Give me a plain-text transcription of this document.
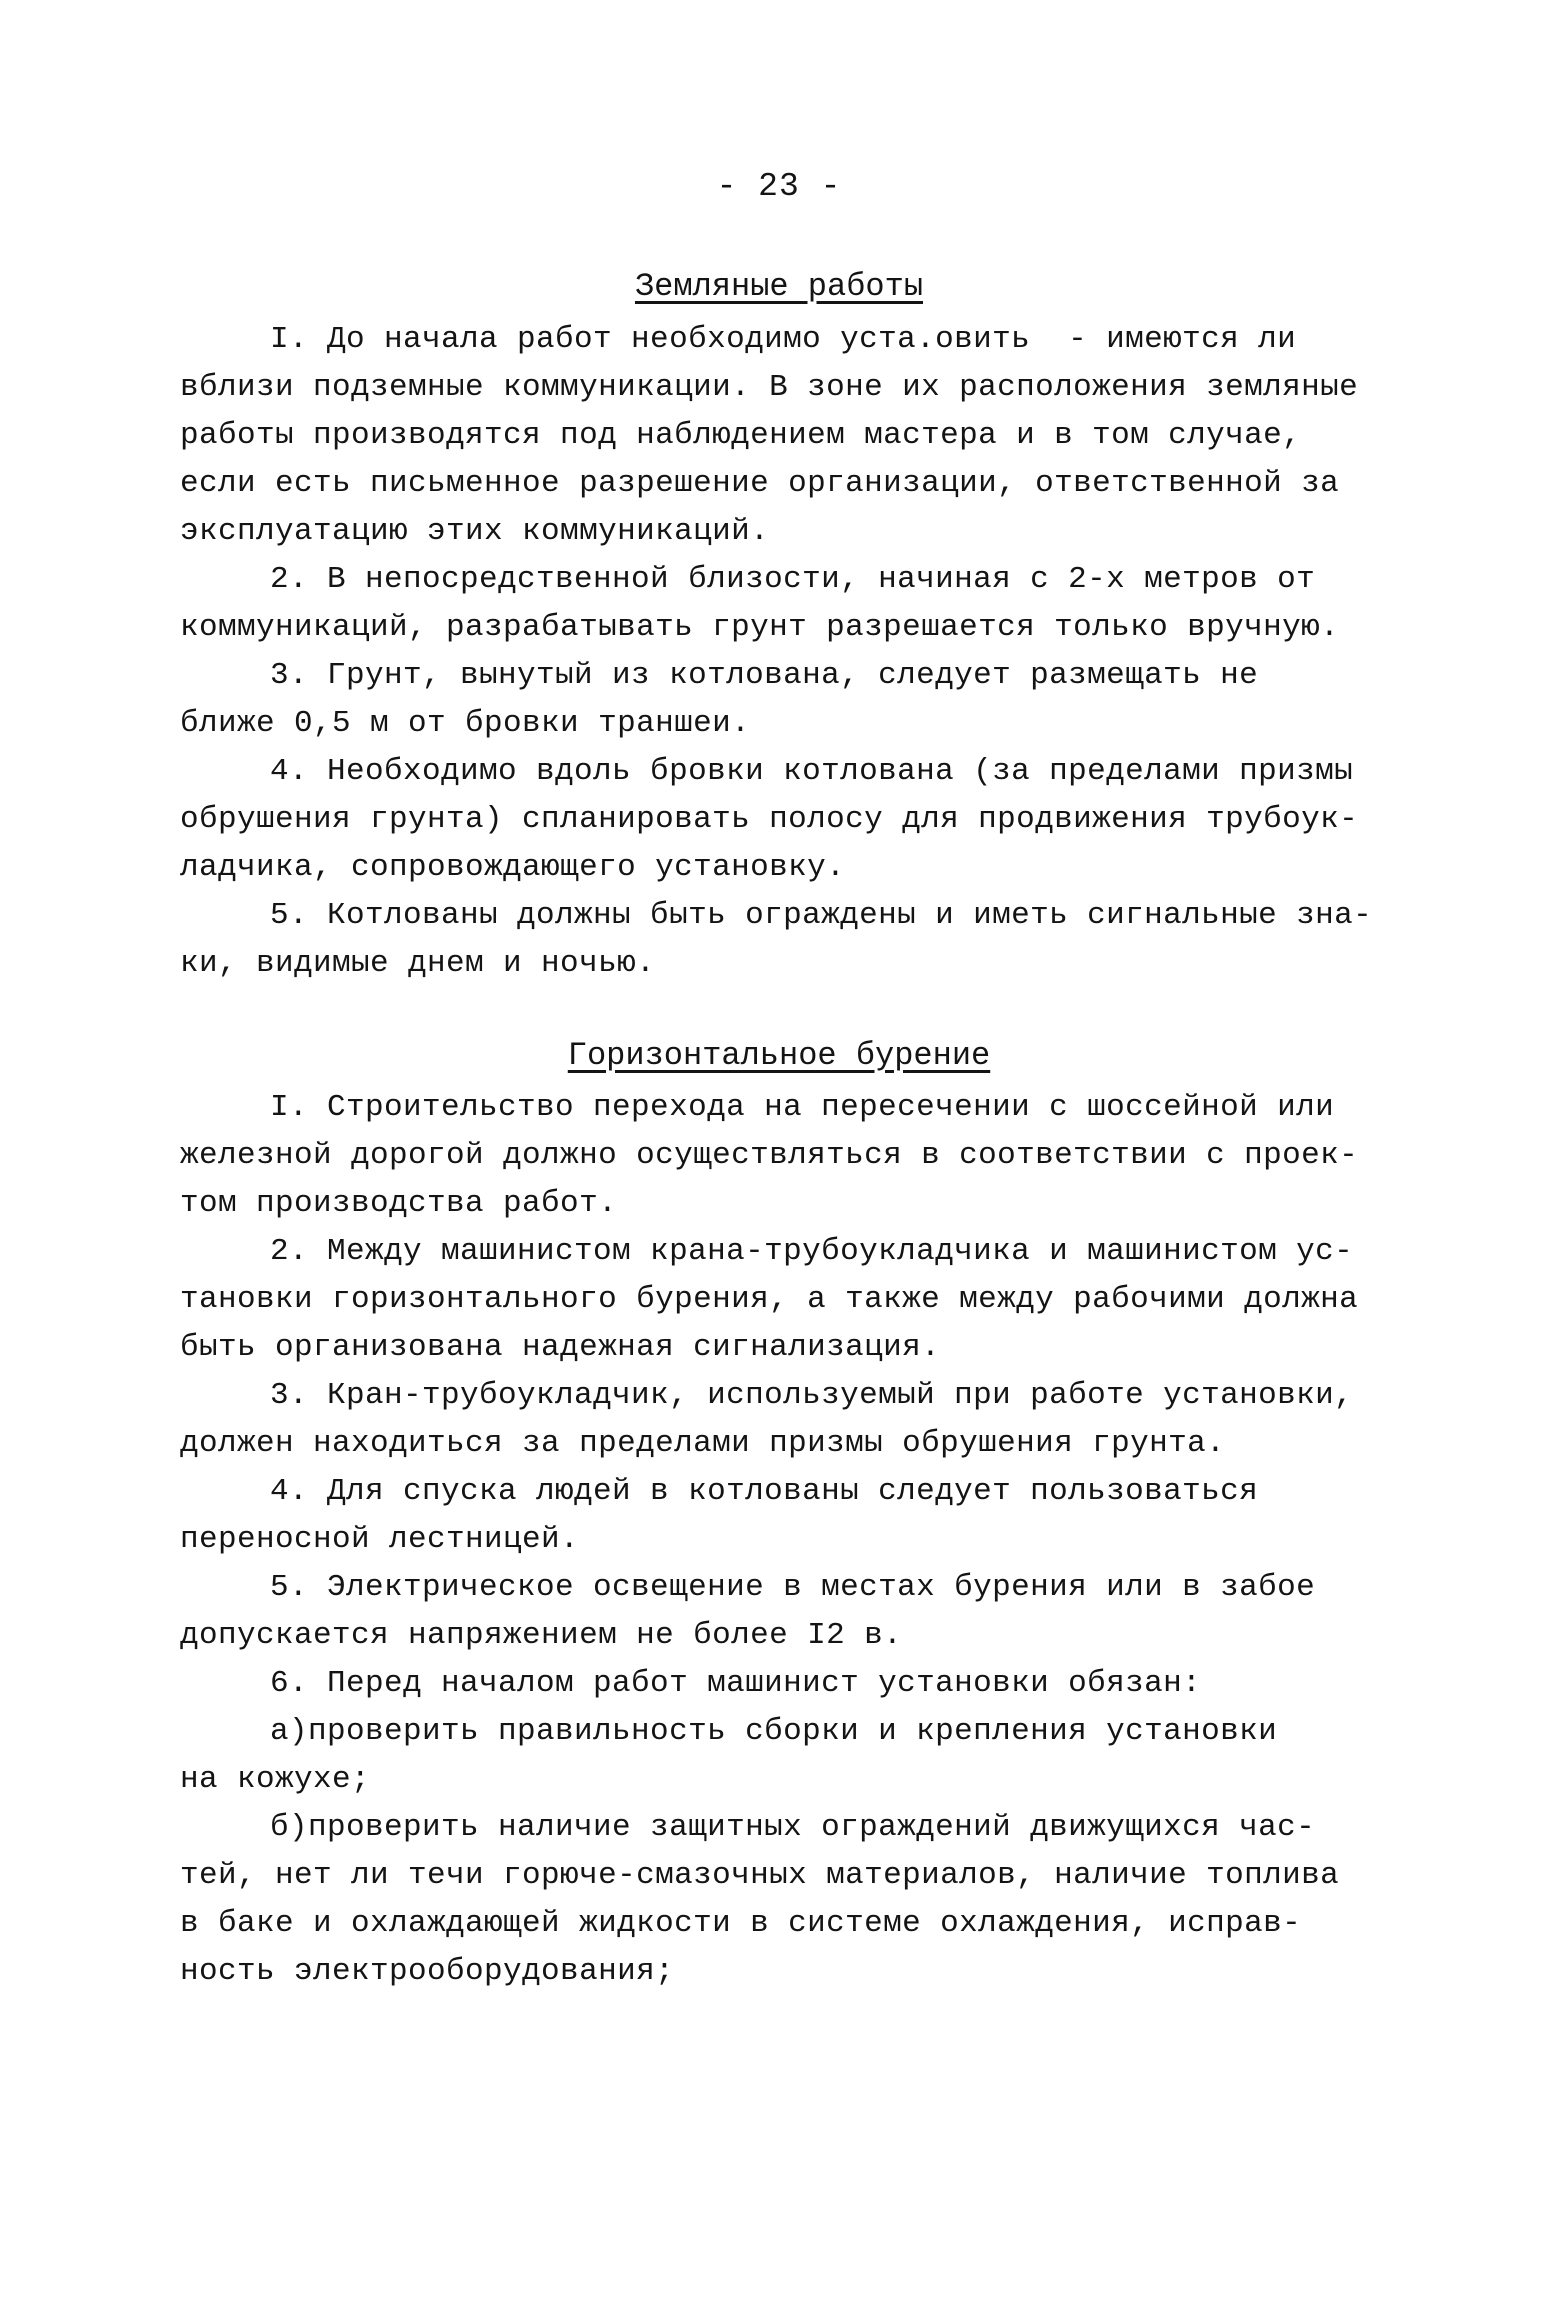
- 23 -
Земляные работы
I. До начала работ необходимо уста.овить  - имеются ли
вблизи подземные коммуникации. В зоне их расположения земляные
работы производятся под наблюдением мастера и в том случае,
если есть письменное разрешение организации, ответственной за
эксплуатацию этих коммуникаций.
2. В непосредственной близости, начиная с 2-х метров от
коммуникаций, разрабатывать грунт разрешается только вручную.
3. Грунт, вынутый из котлована, следует размещать не
ближе 0,5 м от бровки траншеи.
4. Необходимо вдоль бровки котлована (за пределами призмы
обрушения грунта) спланировать полосу для продвижения трубоук-
ладчика, сопровождающего установку.
5. Котлованы должны быть ограждены и иметь сигнальные зна-
ки, видимые днем и ночью.
Горизонтальное бурение
I. Строительство перехода на пересечении с шоссейной или
железной дорогой должно осуществляться в соответствии с проек-
том производства работ.
2. Между машинистом крана-трубоукладчика и машинистом ус-
тановки горизонтального бурения, а также между рабочими должна
быть организована надежная сигнализация.
3. Кран-трубоукладчик, используемый при работе установки,
должен находиться за пределами призмы обрушения грунта.
4. Для спуска людей в котлованы следует пользоваться
переносной лестницей.
5. Электрическое освещение в местах бурения или в забое
допускается напряжением не более I2 в.
6. Перед началом работ машинист установки обязан:
а)проверить правильность сборки и крепления установки
на кожухе;
б)проверить наличие защитных ограждений движущихся час-
тей, нет ли течи горюче-смазочных материалов, наличие топлива
в баке и охлаждающей жидкости в системе охлаждения, исправ-
ность электрооборудования;
